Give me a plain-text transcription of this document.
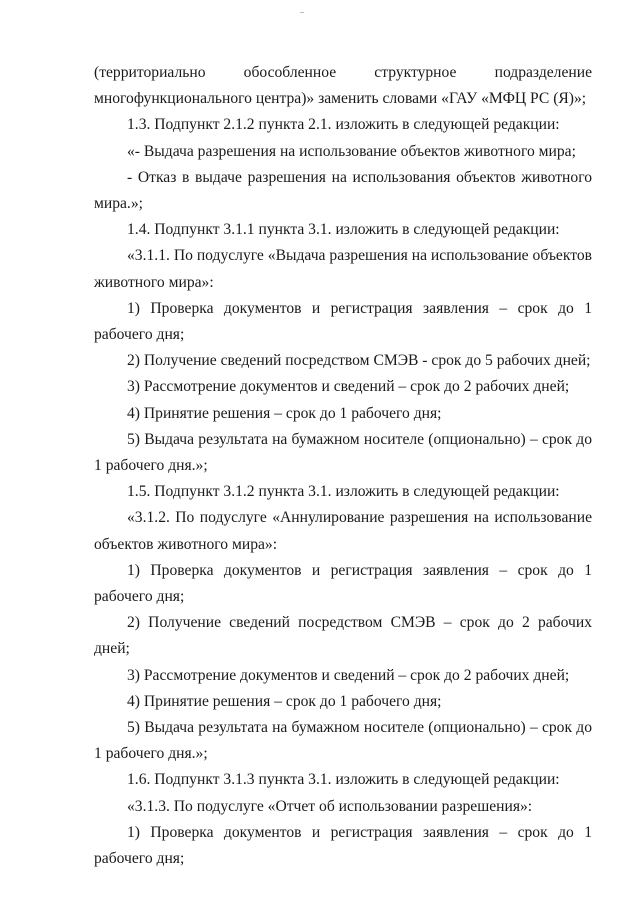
(территориально обособленное структурное подразделение многофункционального центра)» заменить словами «ГАУ «МФЦ РС (Я)»;

1.3. Подпункт 2.1.2 пункта 2.1. изложить в следующей редакции:

«- Выдача разрешения на использование объектов животного мира;

- Отказ в выдаче разрешения на использования объектов животного мира.»;

1.4. Подпункт 3.1.1 пункта 3.1. изложить в следующей редакции:

«3.1.1. По подуслуге «Выдача разрешения на использование объектов животного мира»:

1) Проверка документов и регистрация заявления – срок до 1 рабочего дня;

2) Получение сведений посредством СМЭВ - срок до 5 рабочих дней;

3) Рассмотрение документов и сведений – срок до 2 рабочих дней;

4) Принятие решения – срок до 1 рабочего дня;

5) Выдача результата на бумажном носителе (опционально) – срок до 1 рабочего дня.»;

1.5. Подпункт 3.1.2 пункта 3.1. изложить в следующей редакции:

«3.1.2. По подуслуге «Аннулирование разрешения на использование объектов животного мира»:

1) Проверка документов и регистрация заявления – срок до 1 рабочего дня;

2) Получение сведений посредством СМЭВ – срок до 2 рабочих дней;

3) Рассмотрение документов и сведений – срок до 2 рабочих дней;

4) Принятие решения – срок до 1 рабочего дня;

5) Выдача результата на бумажном носителе (опционально) – срок до 1 рабочего дня.»;

1.6. Подпункт 3.1.3 пункта 3.1. изложить в следующей редакции:

«3.1.3. По подуслуге «Отчет об использовании разрешения»:

1) Проверка документов и регистрация заявления – срок до 1 рабочего дня;
